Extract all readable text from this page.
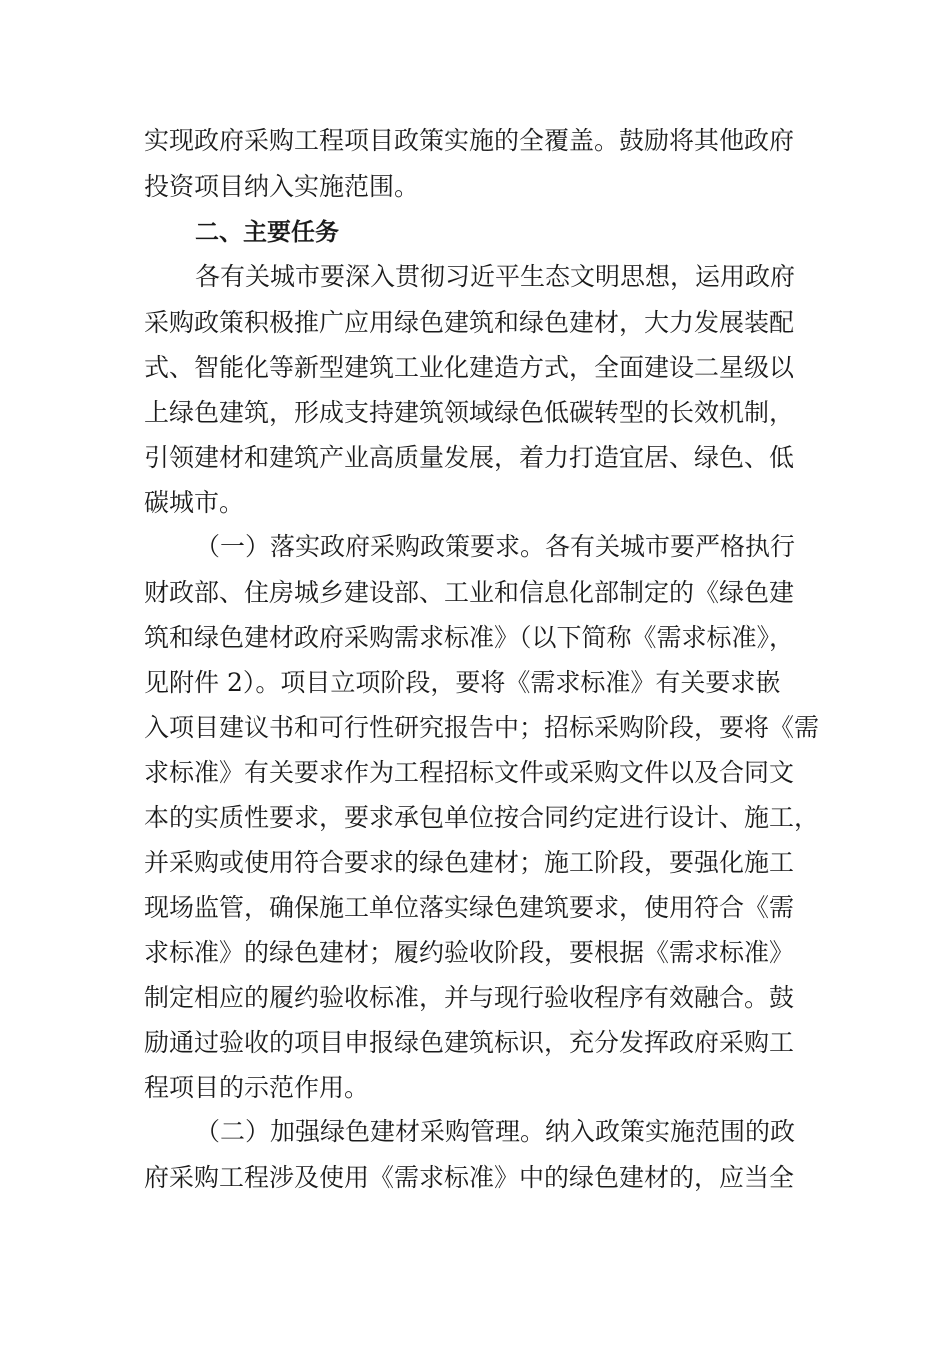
实现政府采购工程项目政策实施的全覆盖。鼓励将其他政府

投资项目纳入实施范围。

二、主要任务

各有关城市要深入贯彻习近平生态文明思想，运用政府

采购政策积极推广应用绿色建筑和绿色建材，大力发展装配

式、智能化等新型建筑工业化建造方式，全面建设二星级以

上绿色建筑，形成支持建筑领域绿色低碳转型的长效机制，

引领建材和建筑产业高质量发展，着力打造宜居、绿色、低

碳城市。

（一）落实政府采购政策要求。各有关城市要严格执行

财政部、住房城乡建设部、工业和信息化部制定的《绿色建

筑和绿色建材政府采购需求标准》（以下简称《需求标准》，

见附件 2）。项目立项阶段，要将《需求标准》有关要求嵌

入项目建议书和可行性研究报告中；招标采购阶段，要将《需

求标准》有关要求作为工程招标文件或采购文件以及合同文

本的实质性要求，要求承包单位按合同约定进行设计、施工，

并采购或使用符合要求的绿色建材；施工阶段，要强化施工

现场监管，确保施工单位落实绿色建筑要求，使用符合《需

求标准》的绿色建材；履约验收阶段，要根据《需求标准》

制定相应的履约验收标准，并与现行验收程序有效融合。鼓

励通过验收的项目申报绿色建筑标识，充分发挥政府采购工

程项目的示范作用。

（二）加强绿色建材采购管理。纳入政策实施范围的政

府采购工程涉及使用《需求标准》中的绿色建材的，应当全
